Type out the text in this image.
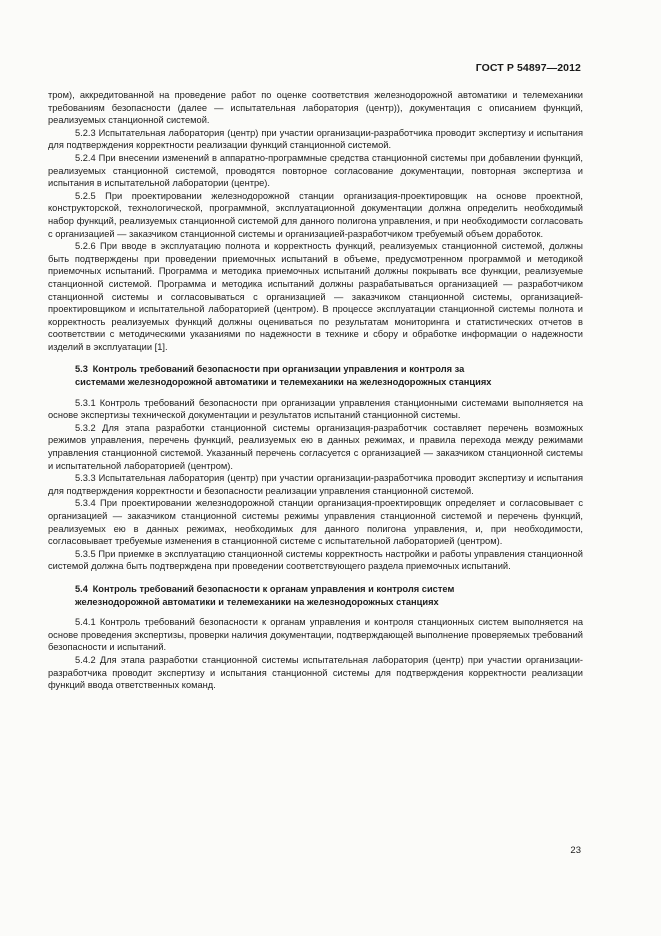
ГОСТ Р 54897—2012

тром), аккредитованной на проведение работ по оценке соответствия железнодорожной автоматики и телемеханики требованиям безопасности (далее — испытательная лаборатория (центр)), документация с описанием функций, реализуемых станционной системой.

5.2.3 Испытательная лаборатория (центр) при участии организации-разработчика проводит экспертизу и испытания для подтверждения корректности реализации функций станционной системой.

5.2.4 При внесении изменений в аппаратно-программные средства станционной системы при добавлении функций, реализуемых станционной системой, проводятся повторное согласование документации, повторная экспертиза и испытания в испытательной лаборатории (центре).

5.2.5 При проектировании железнодорожной станции организация-проектировщик на основе проектной, конструкторской, технологической, программной, эксплуатационной документации должна определить необходимый набор функций, реализуемых станционной системой для данного полигона управления, и при необходимости согласовать с организацией — заказчиком станционной системы и организацией-разработчиком требуемый объем доработок.

5.2.6 При вводе в эксплуатацию полнота и корректность функций, реализуемых станционной системой, должны быть подтверждены при проведении приемочных испытаний в объеме, предусмотренном программой и методикой приемочных испытаний. Программа и методика приемочных испытаний должны покрывать все функции, реализуемые станционной системой. Программа и методика испытаний должны разрабатываться организацией — разработчиком станционной системы и согласовываться с организацией — заказчиком станционной системы, организацией-проектировщиком и испытательной лабораторией (центром). В процессе эксплуатации станционной системы полнота и корректность реализуемых функций должны оцениваться по результатам мониторинга и статистических отчетов в соответствии с методическими указаниями по надежности в технике и сбору и обработке информации о надежности изделий в эксплуатации [1].

5.3 Контроль требований безопасности при организации управления и контроля за
системами железнодорожной автоматики и телемеханики на железнодорожных станциях

5.3.1 Контроль требований безопасности при организации управления станционными системами выполняется на основе экспертизы технической документации и результатов испытаний станционной системы.

5.3.2 Для этапа разработки станционной системы организация-разработчик составляет перечень возможных режимов управления, перечень функций, реализуемых ею в данных режимах, и правила перехода между режимами управления станционной системой. Указанный перечень согласуется с организацией — заказчиком станционной системы и испытательной лабораторией (центром).

5.3.3 Испытательная лаборатория (центр) при участии организации-разработчика проводит экспертизу и испытания для подтверждения корректности и безопасности реализации управления станционной системой.

5.3.4 При проектировании железнодорожной станции организация-проектировщик определяет и согласовывает с организацией — заказчиком станционной системы режимы управления станционной системой и перечень функций, реализуемых ею в данных режимах, необходимых для данного полигона управления, и, при необходимости, согласовывает требуемые изменения в станционной системе с испытательной лабораторией (центром).

5.3.5 При приемке в эксплуатацию станционной системы корректность настройки и работы управления станционной системой должна быть подтверждена при проведении соответствующего раздела приемочных испытаний.

5.4 Контроль требований безопасности к органам управления и контроля систем
железнодорожной автоматики и телемеханики на железнодорожных станциях

5.4.1 Контроль требований безопасности к органам управления и контроля станционных систем выполняется на основе проведения экспертизы, проверки наличия документации, подтверждающей выполнение проверяемых требований безопасности и испытаний.

5.4.2 Для этапа разработки станционной системы испытательная лаборатория (центр) при участии организации-разработчика проводит экспертизу и испытания станционной системы для подтверждения корректности реализации функций ввода ответственных команд.

23
